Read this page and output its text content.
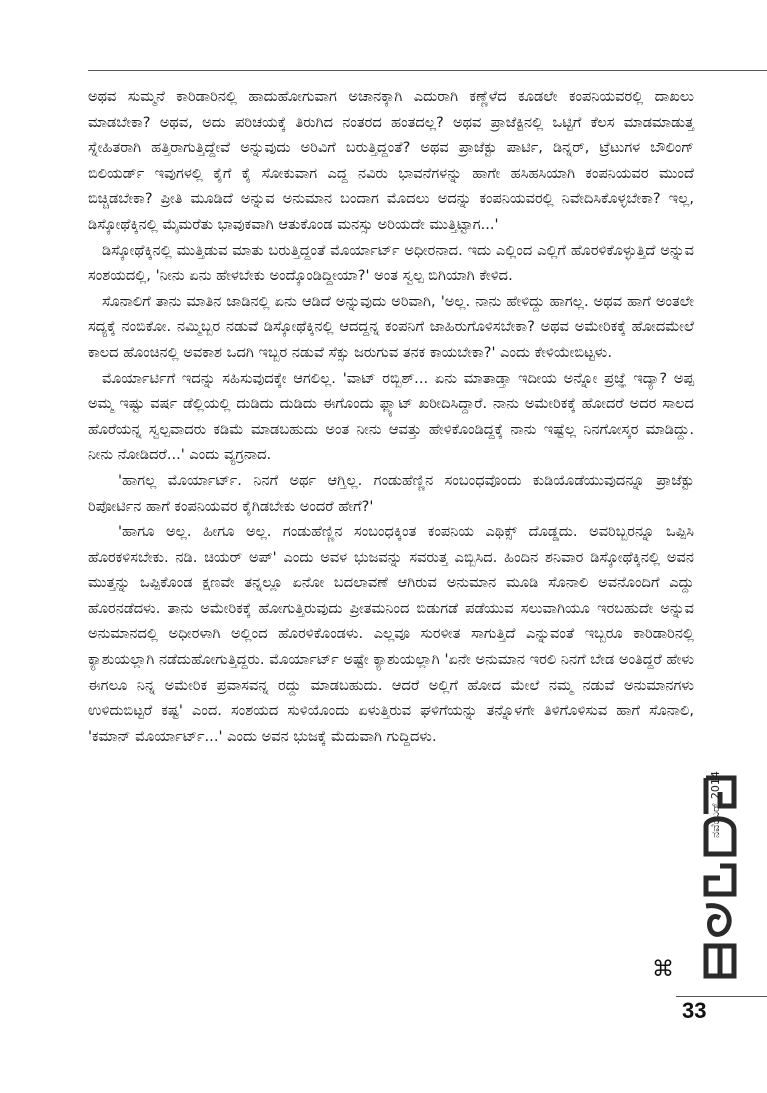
ಅಥವ ಸುಮ್ಮನೆ ಕಾರಿಡಾರಿನಲ್ಲಿ ಹಾದುಹೋಗುವಾಗ ಅಚಾನಕ್ಕಾಗಿ ಎದುರಾಗಿ ಕಣ್ಣೆಳೆದ ಕೂಡಲೇ ಕಂಪನಿಯವರಲ್ಲಿ ದಾಖಲು ಮಾಡಬೇಕಾ? ಅಥವ, ಅದು ಪರಿಚಯಕ್ಕೆ ತಿರುಗಿದ ನಂತರದ ಹಂತದಲ್ಲ? ಅಥವ ಪ್ರಾಜೆಕ್ಟಿನಲ್ಲಿ ಒಟ್ಟಿಗೆ ಕೆಲಸ ಮಾಡಮಾಡುತ್ತ ಸ್ನೇಹಿತರಾಗಿ ಹತ್ತಿರಾಗುತ್ತಿದ್ದೇವೆ ಅನ್ನುವುದು ಅರಿವಿಗೆ ಬರುತ್ತಿದ್ದಂತೆ? ಅಥವ ಪ್ರಾಜೆಕ್ಟು ಪಾರ್ಟಿ, ಡಿನ್ನರ್, ಟ್ರೆಟುಗಳ ಬೌಲಿಂಗ್ ಬಿಲಿಯರ್ಡ್ ಇವುಗಳಲ್ಲಿ ಕೈಗೆ ಕೈ ಸೋಕುವಾಗ ಎದ್ದ ನವಿರು ಭಾವನೆಗಳನ್ನು ಹಾಗೇ ಹಸಿಹಸಿಯಾಗಿ ಕಂಪನಿಯವರ ಮುಂದೆ ಬಿಚ್ಚಿಡಬೇಕಾ? ಪ್ರೀತಿ ಮೂಡಿದೆ ಅನ್ನುವ ಅನುಮಾನ ಬಂದಾಗ ಮೊದಲು ಅದನ್ನು ಕಂಪನಿಯವರಲ್ಲಿ ನಿವೇದಿಸಿಕೊಳ್ಳಬೇಕಾ? ಇಲ್ಲ, ಡಿಸ್ಕೋಥೆಕ್ಕಿನಲ್ಲಿ ಮೈಮರೆತು ಭಾವುಕವಾಗಿ ಆತುಕೊಂಡ ಮನಸ್ಸು ಅರಿಯದೇ ಮುತ್ತಿಟ್ಟಾಗ...'

ಡಿಸ್ಕೋಥೆಕ್ಕಿನಲ್ಲಿ ಮುತ್ತಿಡುವ ಮಾತು ಬರುತ್ತಿದ್ದಂತೆ ಮೊರ್ಯಾರ್ಟ್ ಅಧೀರನಾದ. ಇದು ಎಲ್ಲಿಂದ ಎಲ್ಲಿಗೆ ಹೊರಳಿಕೊಳ್ಳುತ್ತಿದೆ ಅನ್ನುವ ಸಂಶಯದಲ್ಲಿ, 'ನೀನು ಏನು ಹೇಳಬೇಕು ಅಂದ್ಕೊಂಡಿದ್ದೀಯಾ?' ಅಂತ ಸ್ವಲ್ಪ ಬಿಗಿಯಾಗಿ ಕೇಳಿದ.

ಸೊನಾಲಿಗೆ ತಾನು ಮಾತಿನ ಜಾಡಿನಲ್ಲಿ ಏನು ಆಡಿದೆ ಅನ್ನುವುದು ಅರಿವಾಗಿ, 'ಅಲ್ಲ. ನಾನು ಹೇಳಿದ್ದು ಹಾಗಲ್ಲ. ಅಥವ ಹಾಗೆ ಅಂತಲೇ ಸದ್ಯಕ್ಕೆ ನಂಬಿಕೋ. ನಮ್ಮಿಬ್ಬರ ನಡುವೆ ಡಿಸ್ಕೋಥೆಕ್ಕಿನಲ್ಲಿ ಆದದ್ದನ್ನ ಕಂಪನಿಗೆ ಜಾಹಿರುಗೊಳಿಸಬೇಕಾ? ಅಥವ ಅಮೇರಿಕಕ್ಕೆ ಹೋದಮೇಲೆ ಕಾಲದ ಹೊಂಚಿನಲ್ಲಿ ಅವಕಾಶ ಒದಗಿ ಇಬ್ಬರ ನಡುವೆ ಸೆಕ್ಸು ಜರುಗುವ ತನಕ ಕಾಯಬೇಕಾ?' ಎಂದು ಕೇಳಿಯೇಬಿಟ್ಟಳು.

ಮೊರ್ಯಾರ್ಟಿಗೆ ಇದನ್ನು ಸಹಿಸುವುದಕ್ಕೇ ಆಗಲಿಲ್ಲ. 'ವಾಟ್ ರಬ್ಬಿಶ್... ಏನು ಮಾತಾಡ್ತಾ ಇದೀಯ ಅನ್ನೋ ಪ್ರಜ್ಞೆ ಇದ್ಯಾ? ಅಪ್ಪ ಅಮ್ಮ ಇಷ್ಟು ವರ್ಷ ಡೆಲ್ಲಿಯಲ್ಲಿ ದುಡಿದು ದುಡಿದು ಈಗೊಂದು ಫ್ಲ್ಯಾಟ್ ಖರೀದಿಸಿದ್ದಾರೆ. ನಾನು ಅಮೇರಿಕಕ್ಕೆ ಹೋದರೆ ಅದರ ಸಾಲದ ಹೊರೆಯನ್ನ ಸ್ವಲ್ಪವಾದರು ಕಡಿಮೆ ಮಾಡಬಹುದು ಅಂತ ನೀನು ಆವತ್ತು ಹೇಳಿಕೊಂಡಿದ್ದಕ್ಕೆ ನಾನು ಇಷ್ಟೆಲ್ಲ ನಿನಗೋಸ್ಕರ ಮಾಡಿದ್ದು. ನೀನು ನೋಡಿದರೆ...' ಎಂದು ವ್ಯಗ್ರನಾದ.

'ಹಾಗಲ್ಲ ಮೊರ್ಯಾರ್ಟ್. ನಿನಗೆ ಅರ್ಥ ಆಗ್ತಿಲ್ಲ. ಗಂಡುಹೆಣ್ಣಿನ ಸಂಬಂಧವೊಂದು ಕುಡಿಯೊಡೆಯುವುದನ್ನೂ ಪ್ರಾಜೆಕ್ಟು ರಿಪೋರ್ಟಿನ ಹಾಗೆ ಕಂಪನಿಯವರ ಕೈಗಿಡಬೇಕು ಅಂದರೆ ಹೇಗೆ?'

'ಹಾಗೂ ಅಲ್ಲ. ಹೀಗೂ ಅಲ್ಲ. ಗಂಡುಹೆಣ್ಣಿನ ಸಂಬಂಧಕ್ಕಿಂತ ಕಂಪನಿಯ ಎಥಿಕ್ಸ್ ದೊಡ್ಡದು. ಅವರಿಬ್ಬರನ್ನೂ ಒಪ್ಪಿಸಿ ಹೊರಕಳಿಸಬೇಕು. ನಡಿ. ಚಿಯರ್ ಅಪ್' ಎಂದು ಅವಳ ಭುಜವನ್ನು ಸವರುತ್ತ ಎಬ್ಬಿಸಿದ. ಹಿಂದಿನ ಶನಿವಾರ ಡಿಸ್ಕೋಥೆಕ್ಕಿನಲ್ಲಿ ಅವನ ಮುತ್ತನ್ನು ಒಪ್ಪಿಕೊಂಡ ಕ್ಷಣವೇ ತನ್ನಲ್ಲೂ ಏನೋ ಬದಲಾವಣೆ ಆಗಿರುವ ಅನುಮಾನ ಮೂಡಿ ಸೊನಾಲಿ ಅವನೊಂದಿಗೆ ಎದ್ದು ಹೊರನಡೆದಳು. ತಾನು ಅಮೇರಿಕಕ್ಕೆ ಹೋಗುತ್ತಿರುವುದು ಪ್ರೀತಮನಿಂದ ಬಿಡುಗಡೆ ಪಡೆಯುವ ಸಲುವಾಗಿಯೂ ಇರಬಹುದೇ ಅನ್ನುವ ಅನುಮಾನದಲ್ಲಿ ಅಧೀರಳಾಗಿ ಅಲ್ಲಿಂದ ಹೊರಳಿಕೊಂಡಳು. ಎಲ್ಲವೂ ಸುರಳೀತ ಸಾಗುತ್ತಿದೆ ಎನ್ನುವಂತೆ ಇಬ್ಬರೂ ಕಾರಿಡಾರಿನಲ್ಲಿ ಕ್ಯಾಶುಯಲ್ಲಾಗಿ ನಡೆದುಹೋಗುತ್ತಿದ್ದರು. ಮೊರ್ಯಾರ್ಟ್ ಅಷ್ಟೇ ಕ್ಯಾಶುಯಲ್ಲಾಗಿ 'ಏನೇ ಅನುಮಾನ ಇರಲಿ ನಿನಗೆ ಬೇಡ ಅಂತಿದ್ದರೆ ಹೇಳು ಈಗಲೂ ನಿನ್ನ ಅಮೇರಿಕ ಪ್ರವಾಸವನ್ನ ರದ್ದು ಮಾಡಬಹುದು. ಆದರೆ ಅಲ್ಲಿಗೆ ಹೋದ ಮೇಲೆ ನಮ್ಮ ನಡುವೆ ಅನುಮಾನಗಳು ಉಳಿದುಬಿಟ್ಟರೆ ಕಷ್ಟ' ಎಂದ. ಸಂಶಯದ ಸುಳಿಯೊಂದು ಏಳುತ್ತಿರುವ ಘಳಿಗೆಯನ್ನು ತನ್ನೊಳಗೇ ತಿಳಿಗೊಳಿಸುವ ಹಾಗೆ ಸೊನಾಲಿ, 'ಕಮಾನ್ ಮೊರ್ಯಾರ್ಟ್...' ಎಂದು ಅವನ ಭುಜಕ್ಕೆ ಮೆದುವಾಗಿ ಗುದ್ದಿದಳು.

ನವೆಂಬರ್ 2014
⌘
33
